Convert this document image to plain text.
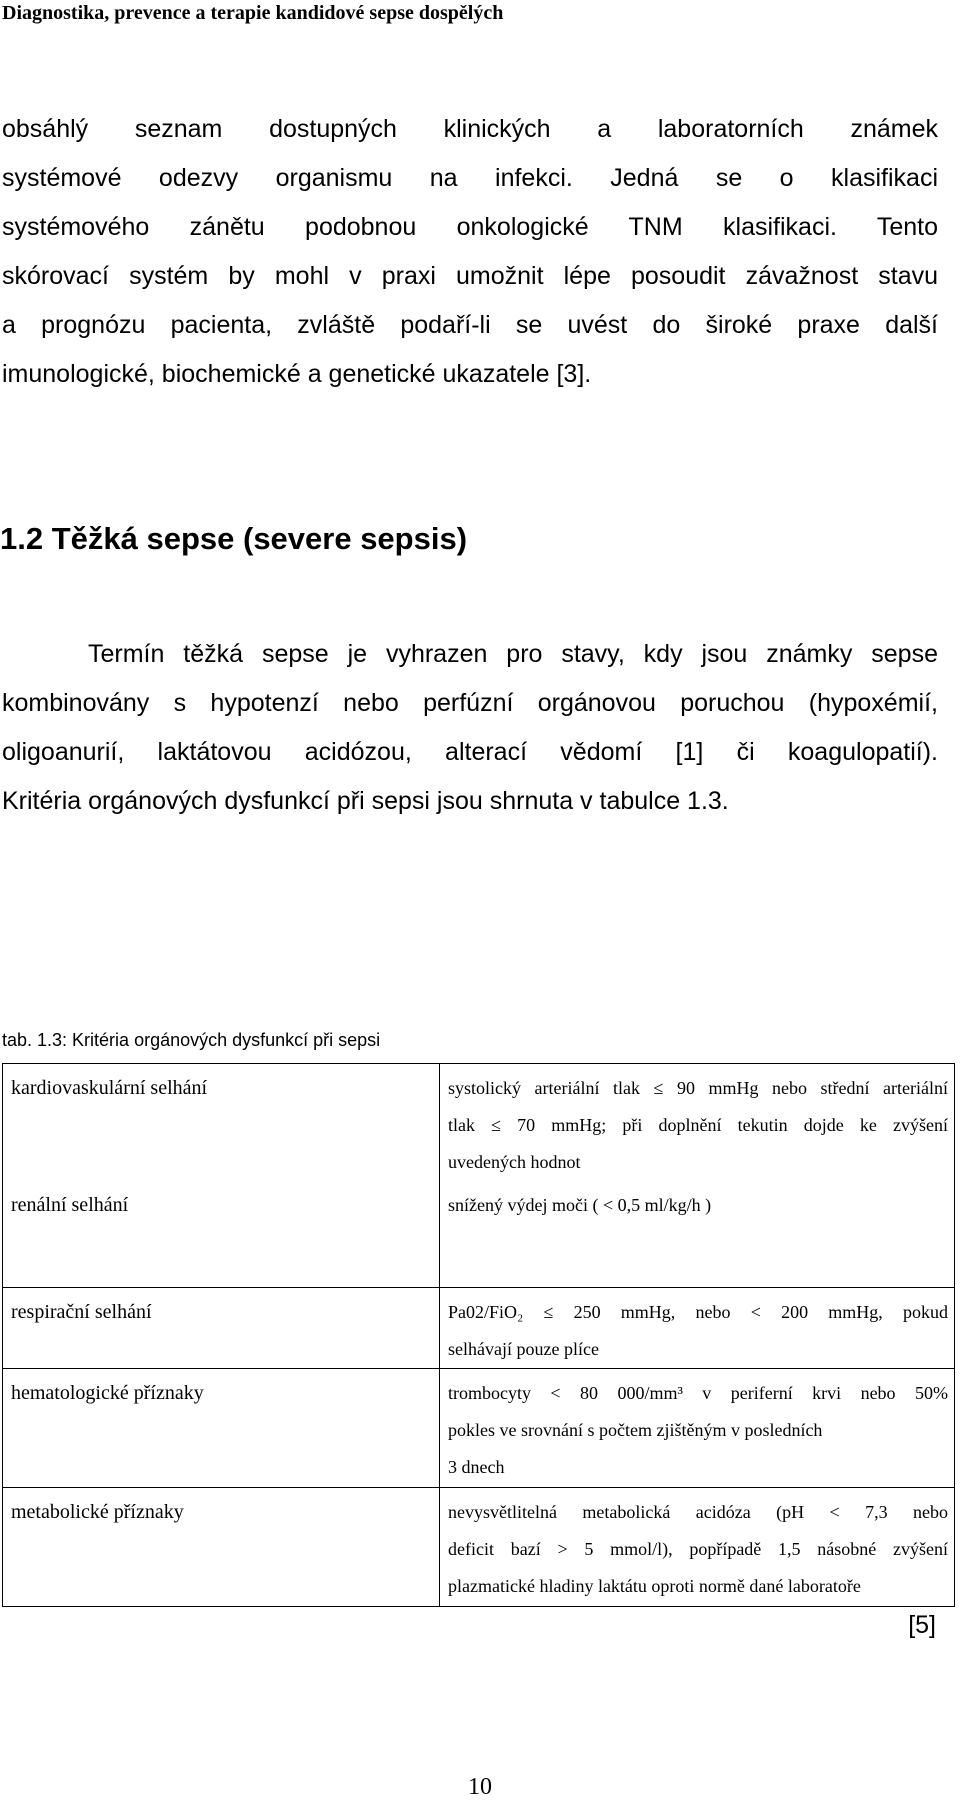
Diagnostika, prevence a terapie kandidové sepse dospělých
obsáhlý seznam dostupných klinických a laboratorních známek
systémové odezvy organismu na infekci. Jedná se o klasifikaci
systémového zánětu podobnou onkologické TNM klasifikaci. Tento
skórovací systém by mohl v praxi umožnit lépe posoudit závažnost stavu
a prognózu pacienta, zvláště podaří-li se uvést do široké praxe další
imunologické, biochemické a genetické ukazatele [3].
1.2 Těžká sepse (severe sepsis)
Termín těžká sepse je vyhrazen pro stavy, kdy jsou známky sepse
kombinovány s hypotenzí nebo perfúzní orgánovou poruchou (hypoxémií,
oligoanurií, laktátovou acidózou, alterací vědomí [1] či koagulopatií).
Kritéria orgánových dysfunkcí při sepsi jsou shrnuta v tabulce 1.3.
tab. 1.3: Kritéria orgánových dysfunkcí při sepsi
kardiovaskulární selhání	systolický arteriální tlak ≤ 90 mmHg nebo střední arteriální
tlak ≤ 70 mmHg; při doplnění tekutin dojde ke zvýšení
uvedených hodnot

renální selhání	snížený výdej moči ( < 0,5 ml/kg/h )

respirační selhání	Pa02/FiO₂ ≤ 250 mmHg, nebo < 200 mmHg, pokud
selhávají pouze plíce

hematologické příznaky	trombocyty < 80 000/mm³ v periferní krvi nebo 50%
pokles ve srovnání s počtem zjištěným v posledních
3 dnech

metabolické příznaky	nevysvětlitelná metabolická acidóza (pH < 7,3 nebo
deficit bazí > 5 mmol/l), popřípadě 1,5 násobné zvýšení
plazmatické hladiny laktátu oproti normě dané laboratoře
[5]
10
